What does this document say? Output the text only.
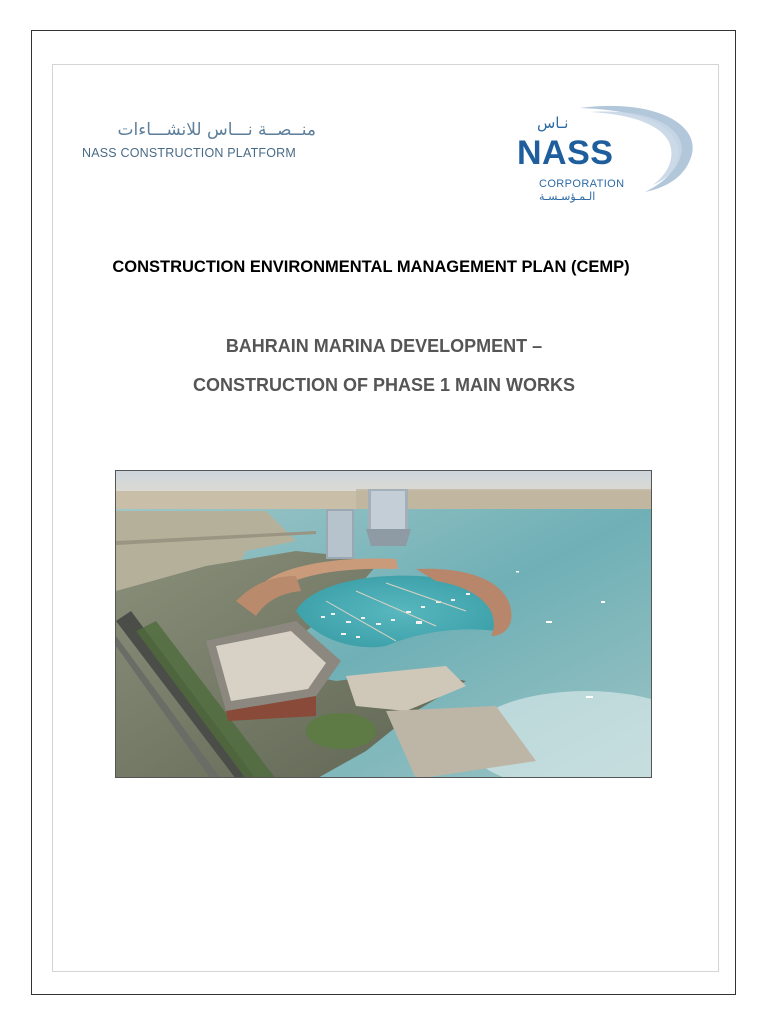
منــصــة نـــاس للانشـــاءات
NASS CONSTRUCTION PLATFORM
نـاس
NASS
CORPORATION
الـمـؤسـسـة
CONSTRUCTION ENVIRONMENTAL MANAGEMENT PLAN (CEMP)
BAHRAIN MARINA DEVELOPMENT –
CONSTRUCTION OF PHASE 1 MAIN WORKS
